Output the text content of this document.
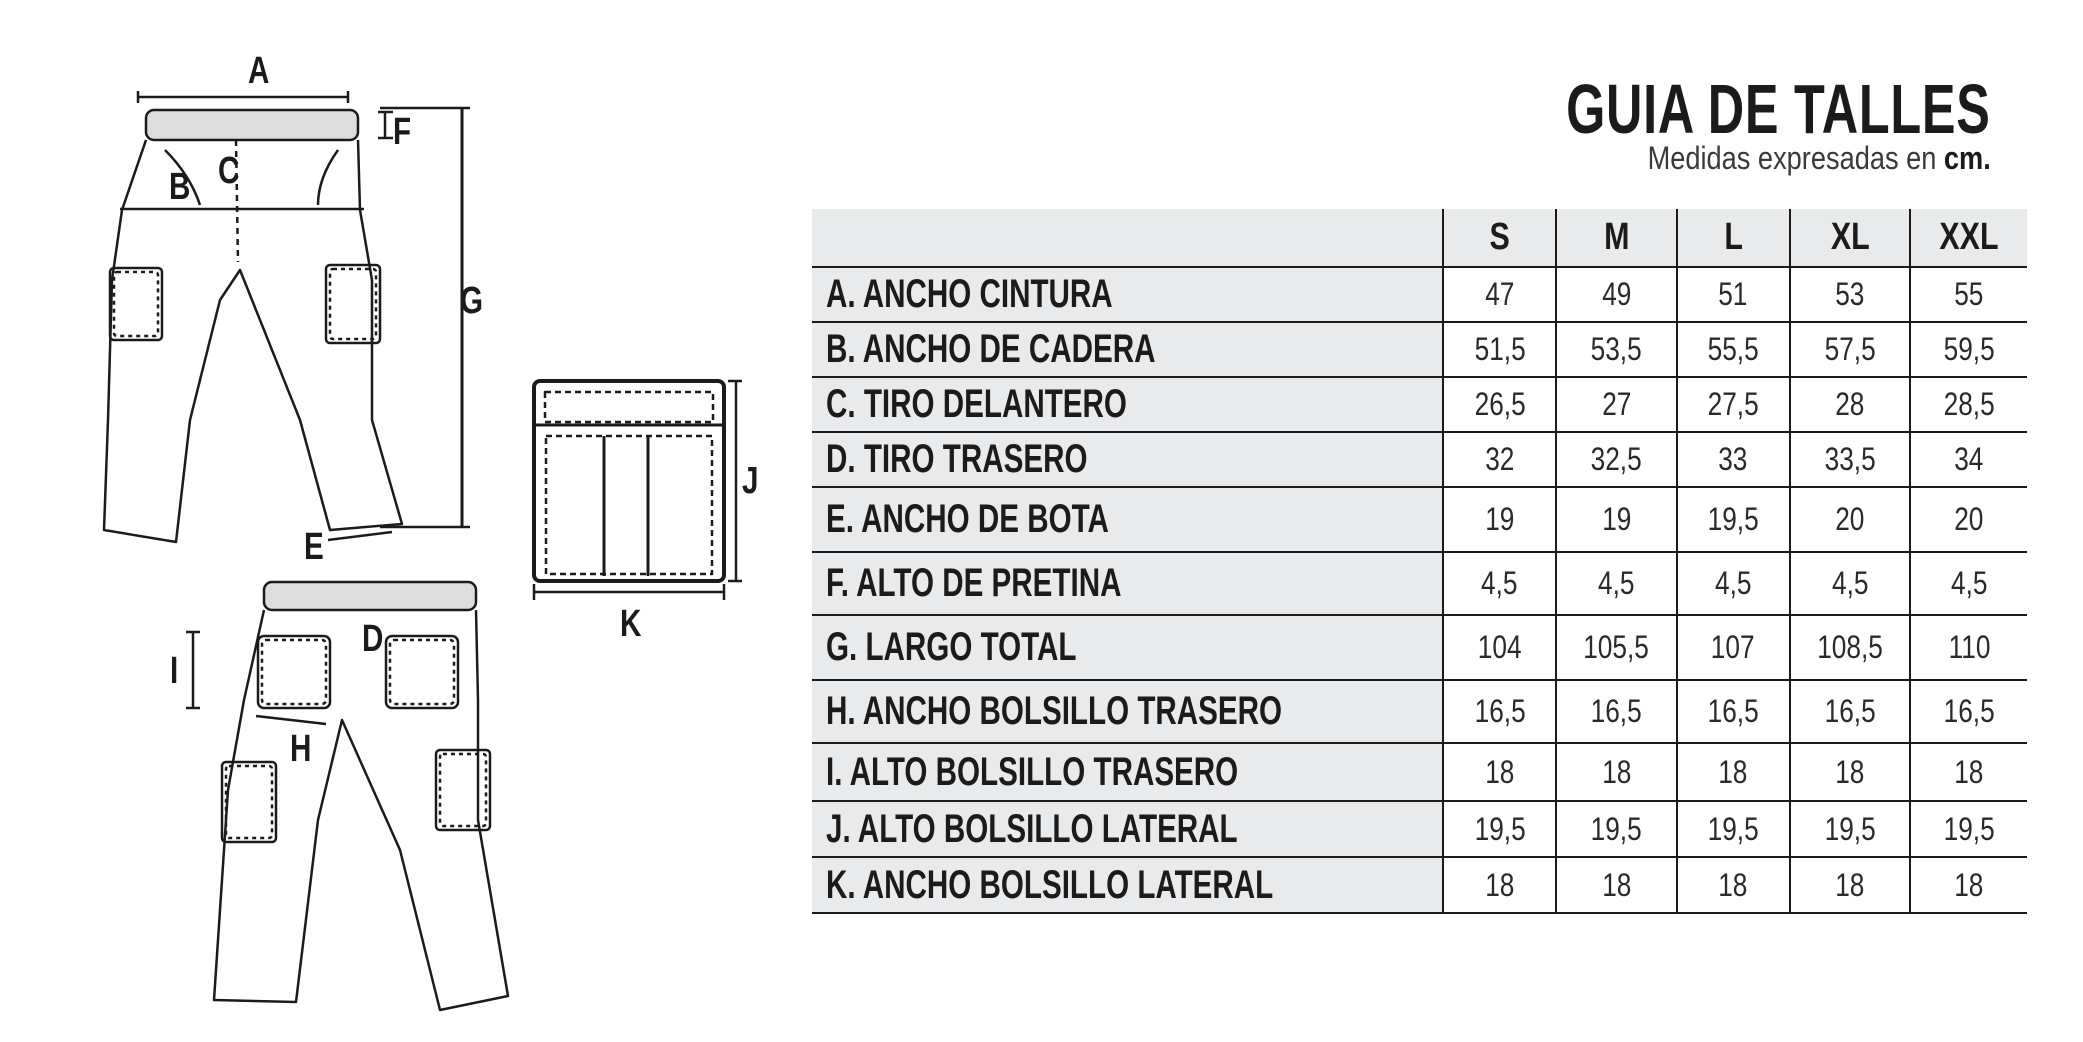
A
B C
F
G
E
D
I
H
J
K
GUIA DE TALLES
Medidas expresadas en cm.
	S	M	L	XL	XXL
A. ANCHO CINTURA	47	49	51	53	55
B. ANCHO DE CADERA	51,5	53,5	55,5	57,5	59,5
C. TIRO DELANTERO	26,5	27	27,5	28	28,5
D. TIRO TRASERO	32	32,5	33	33,5	34
E. ANCHO DE BOTA	19	19	19,5	20	20
F. ALTO DE PRETINA	4,5	4,5	4,5	4,5	4,5
G. LARGO TOTAL	104	105,5	107	108,5	110
H. ANCHO BOLSILLO TRASERO	16,5	16,5	16,5	16,5	16,5
I. ALTO BOLSILLO TRASERO	18	18	18	18	18
J. ALTO BOLSILLO LATERAL	19,5	19,5	19,5	19,5	19,5
K. ANCHO BOLSILLO LATERAL	18	18	18	18	18
